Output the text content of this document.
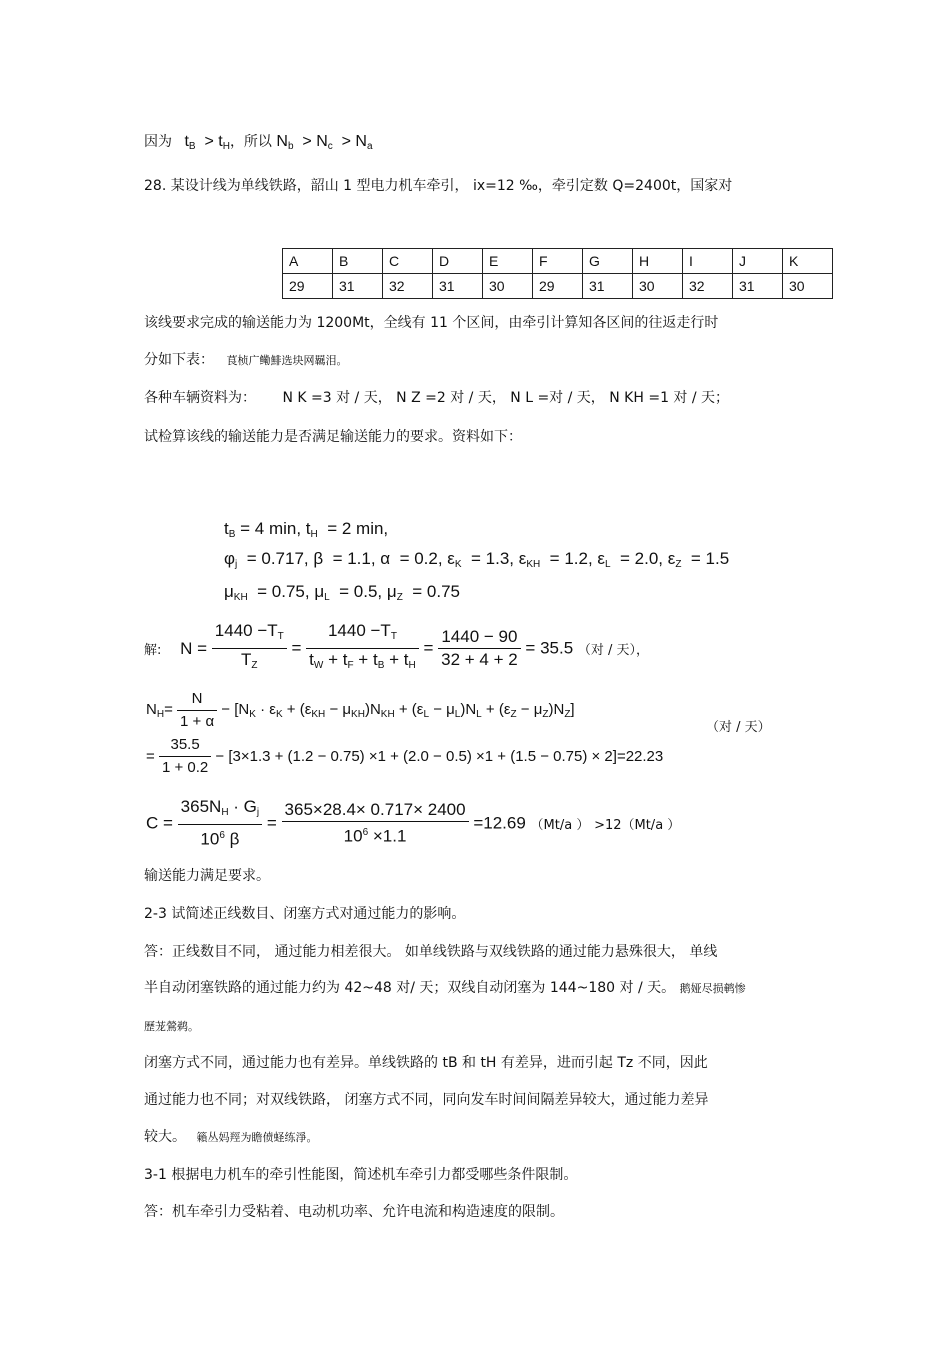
因为 $t_B > t_H$，所以 $N_b > N_c > N_a$
28. 某设计线为单线铁路，韶山 1 型电力机车牵引， ix=12 ‰，牵引定数 Q=2400t，国家对
A	B	C	D	E	F	G	H	I	J	K
29	31	32	31	30	29	31	30	32	31	30
该线要求完成的输送能力为 1200Mt，全线有 11 个区间，由牵引计算知各区间的往返走行时
分如下表： 茛桢广鳓鯡选块网羈泪。
各种车辆资料为： N K =3 对 / 天， N Z =2 对 / 天， N L =对 / 天， N KH =1 对 / 天；
试检算该线的输送能力是否满足输送能力的要求。资料如下：
$t_B = 4$ min, $t_H = 2$ min,
$\varphi_j = 0.717$, β  = 1.1, α  = 0.2, $\varepsilon_K = 1.3$, $\varepsilon_{KH} = 1.2$, $\varepsilon_L = 2.0$, $\varepsilon_Z = 1.5$
$\mu_{KH} = 0.75$, $\mu_L = 0.5$, $\mu_Z = 0.75$
解: $N = \frac{1440 -T_T}{T_Z} = \frac{1440 -T_T}{t_W + t_F + t_B + t_H} = \frac{1440 - 90}{32 + 4 + 2} = 35.5$ （对 / 天），
$N_H= \frac{N}{1 + \alpha} - [N_K \cdot \varepsilon_K + (\varepsilon_{KH} - \mu_{KH})N_{KH} + (\varepsilon_L - \mu_L)N_L + (\varepsilon_Z - \mu_Z)N_Z]$
（对 / 天）
= $\frac{35.5}{1 + 0.2} - [3\times 1.3 + (1.2 - 0.75) \times 1 + (2.0 - 0.5) \times 1 + (1.5 - 0.75) \times 2]=22.23$
$C = \frac{365N_H \cdot G_j}{10^6 \beta} = \frac{365\times 28.4\times 0.717\times 2400}{10^6 \times 1.1} =12.69$ （Mt/a ） >12（Mt/a ）
输送能力满足要求。
2-3 试简述正线数目、闭塞方式对通过能力的影响。
答：正线数目不同， 通过能力相差很大。 如单线铁路与双线铁路的通过能力悬殊很大， 单线
半自动闭塞铁路的通过能力约为 42~48 对/ 天；双线自动闭塞为 144~180 对 / 天。 鹅娅尽损鹌惨
歷茏鶯鹈。
闭塞方式不同，通过能力也有差异。单线铁路的 tB 和 tH 有差异，进而引起 Tz 不同，因此
通过能力也不同；对双线铁路， 闭塞方式不同，同向发车时间间隔差异较大，通过能力差异
较大。 籟丛妈羥为瞻偾蛏练淨。
3-1 根据电力机车的牵引性能图，简述机车牵引力都受哪些条件限制。
答：机车牵引力受粘着、电动机功率、允许电流和构造速度的限制。
